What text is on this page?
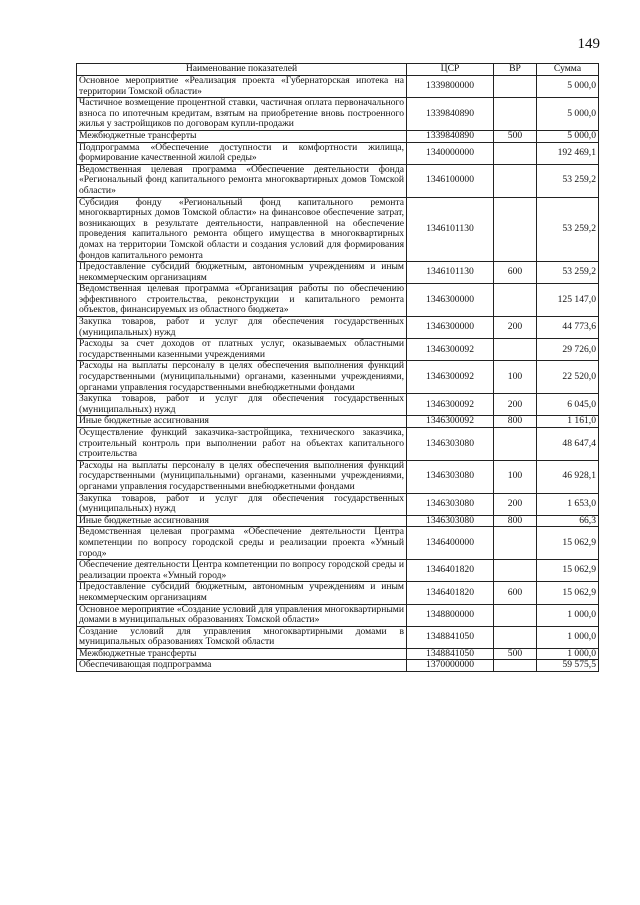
149
Наименование показателей	ЦСР	ВР	Сумма
Основное мероприятие «Реализация проекта «Губернаторская ипотека на территории Томской области»	1339800000		5 000,0
Частичное возмещение процентной ставки, частичная оплата первоначального взноса по ипотечным кредитам, взятым на приобретение вновь построенного жилья у застройщиков по договорам купли-продажи	1339840890		5 000,0
Межбюджетные трансферты	1339840890	500	5 000,0
Подпрограмма «Обеспечение доступности и комфортности жилища, формирование качественной жилой среды»	1340000000		192 469,1
Ведомственная целевая программа «Обеспечение деятельности фонда «Региональный фонд капитального ремонта многоквартирных домов Томской области»	1346100000		53 259,2
Субсидия фонду «Региональный фонд капитального ремонта многоквартирных домов Томской области» на финансовое обеспечение затрат, возникающих в результате деятельности, направленной на обеспечение проведения капитального ремонта общего имущества в многоквартирных домах на территории Томской области и создания условий для формирования фондов капитального ремонта	1346101130		53 259,2
Предоставление субсидий бюджетным, автономным учреждениям и иным некоммерческим организациям	1346101130	600	53 259,2
Ведомственная целевая программа «Организация работы по обеспечению эффективного строительства, реконструкции и капитального ремонта объектов, финансируемых из областного бюджета»	1346300000		125 147,0
Закупка товаров, работ и услуг для обеспечения государственных (муниципальных) нужд	1346300000	200	44 773,6
Расходы за счет доходов от платных услуг, оказываемых областными государственными казенными учреждениями	1346300092		29 726,0
Расходы на выплаты персоналу в целях обеспечения выполнения функций государственными (муниципальными) органами, казенными учреждениями, органами управления государственными внебюджетными фондами	1346300092	100	22 520,0
Закупка товаров, работ и услуг для обеспечения государственных (муниципальных) нужд	1346300092	200	6 045,0
Иные бюджетные ассигнования	1346300092	800	1 161,0
Осуществление функций заказчика-застройщика, технического заказчика, строительный контроль при выполнении работ на объектах капитального строительства	1346303080		48 647,4
Расходы на выплаты персоналу в целях обеспечения выполнения функций государственными (муниципальными) органами, казенными учреждениями, органами управления государственными внебюджетными фондами	1346303080	100	46 928,1
Закупка товаров, работ и услуг для обеспечения государственных (муниципальных) нужд	1346303080	200	1 653,0
Иные бюджетные ассигнования	1346303080	800	66,3
Ведомственная целевая программа «Обеспечение деятельности Центра компетенции по вопросу городской среды и реализации проекта «Умный город»	1346400000		15 062,9
Обеспечение деятельности Центра компетенции по вопросу городской среды и реализации проекта «Умный город»	1346401820		15 062,9
Предоставление субсидий бюджетным, автономным учреждениям и иным некоммерческим организациям	1346401820	600	15 062,9
Основное мероприятие «Создание условий для управления многоквартирными домами в муниципальных образованиях Томской области»	1348800000		1 000,0
Создание условий для управления многоквартирными домами в муниципальных образованиях Томской области	1348841050		1 000,0
Межбюджетные трансферты	1348841050	500	1 000,0
Обеспечивающая подпрограмма	1370000000		59 575,5
